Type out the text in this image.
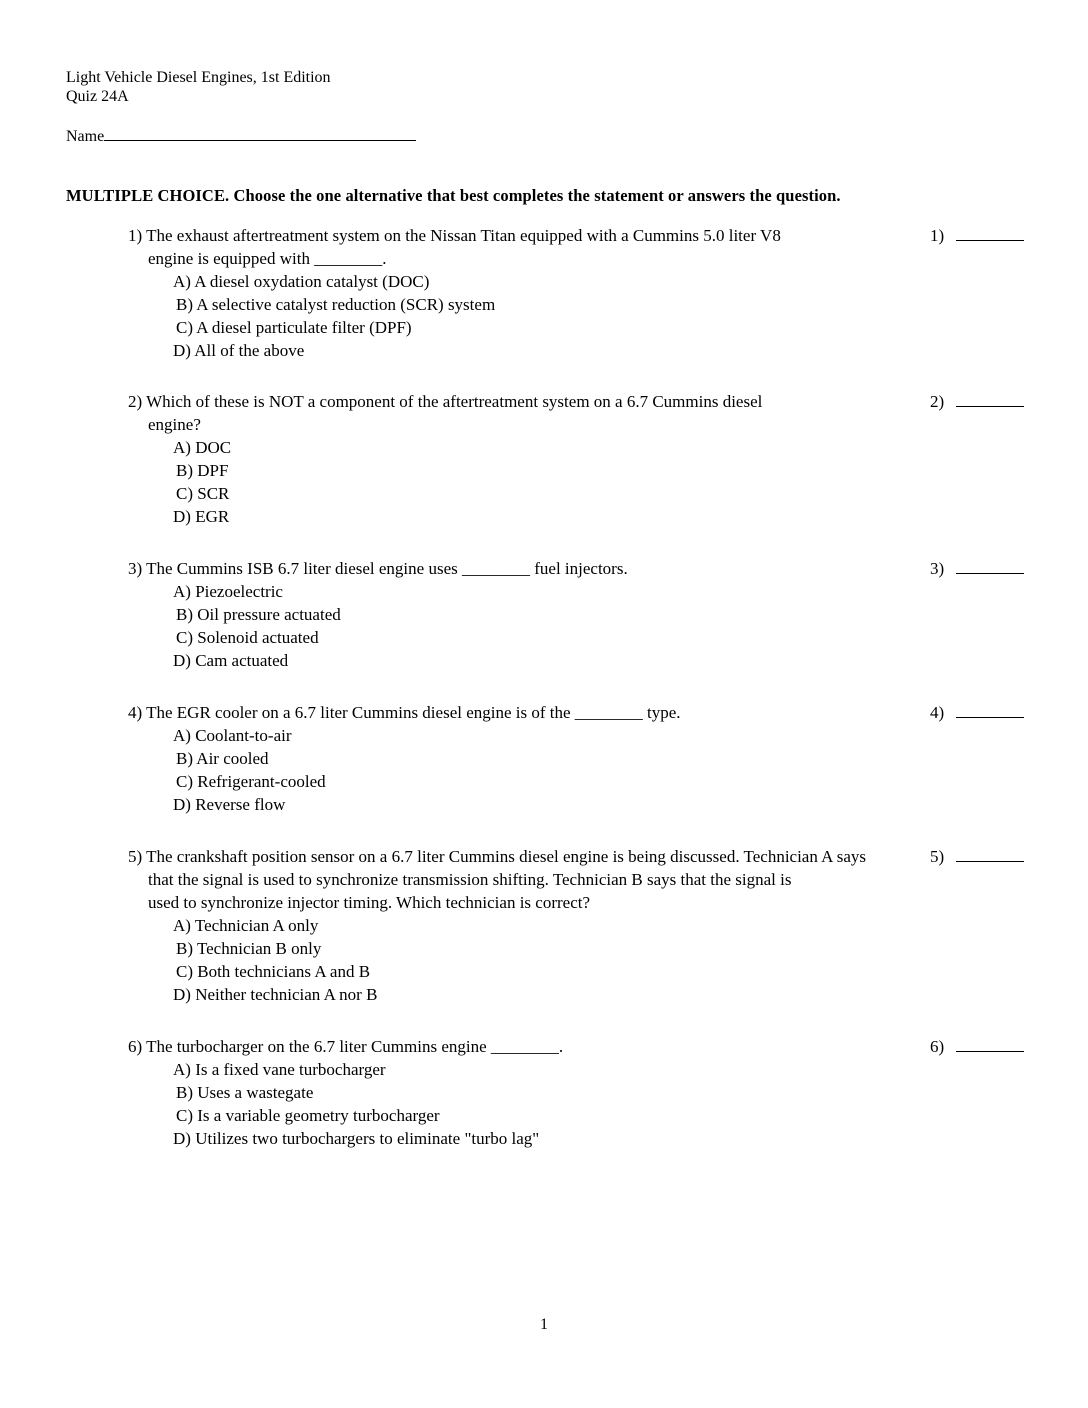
Light Vehicle Diesel Engines, 1st Edition
Quiz 24A
Name
MULTIPLE CHOICE. Choose the one alternative that best completes the statement or answers the question.
1) The exhaust aftertreatment system on the Nissan Titan equipped with a Cummins 5.0 liter V8
engine is equipped with ________.
A) A diesel oxydation catalyst (DOC)
B) A selective catalyst reduction (SCR) system
C) A diesel particulate filter (DPF)
D) All of the above
1)
2) Which of these is NOT a component of the aftertreatment system on a 6.7 Cummins diesel
engine?
A) DOC
B) DPF
C) SCR
D) EGR
2)
3) The Cummins ISB 6.7 liter diesel engine uses ________ fuel injectors.
A) Piezoelectric
B) Oil pressure actuated
C) Solenoid actuated
D) Cam actuated
3)
4) The EGR cooler on a 6.7 liter Cummins diesel engine is of the ________ type.
A) Coolant-to-air
B) Air cooled
C) Refrigerant-cooled
D) Reverse flow
4)
5) The crankshaft position sensor on a 6.7 liter Cummins diesel engine is being discussed. Technician A says
that the signal is used to synchronize transmission shifting. Technician B says that the signal is
used to synchronize injector timing. Which technician is correct?
A) Technician A only
B) Technician B only
C) Both technicians A and B
D) Neither technician A nor B
5)
6) The turbocharger on the 6.7 liter Cummins engine ________.
A) Is a fixed vane turbocharger
B) Uses a wastegate
C) Is a variable geometry turbocharger
D) Utilizes two turbochargers to eliminate "turbo lag"
6)
1
